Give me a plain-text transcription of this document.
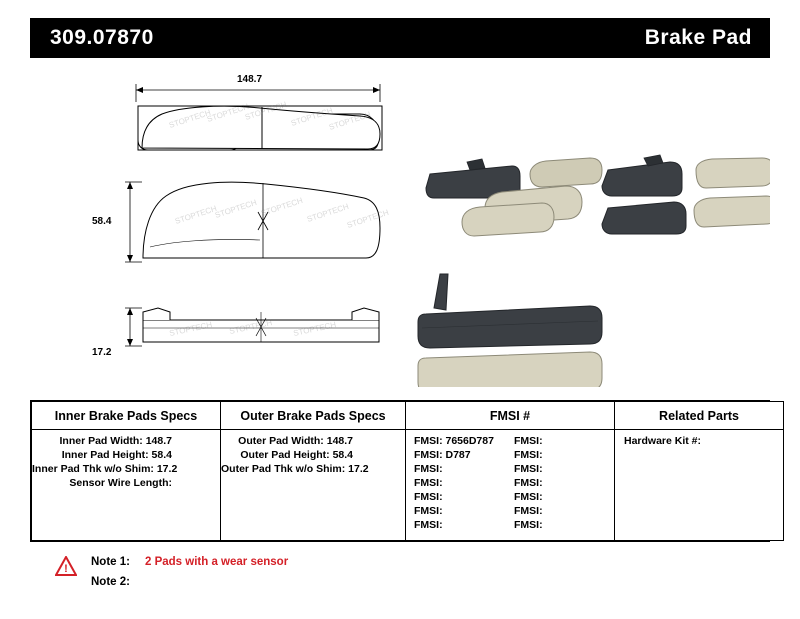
309.07870	Brake Pad
STOPTECH
STOPTECH
STOPTECH STOPTECH
STOPTECH
STOPTECH
STOPTECH STOPTECH STOPTECH
STOPTECH
STOPTECH STOPTECH STOPTECH
148.7
58.4
17.2
Inner Brake Pads Specs	Outer Brake Pads Specs	FMSI #	Related Parts

Inner Pad Width: 148.7
Inner Pad Height: 58.4
Inner Pad Thk w/o Shim: 17.2
Sensor Wire Length:

Outer Pad Width: 148.7
Outer Pad Height: 58.4
Outer Pad Thk w/o Shim: 17.2

FMSI: 7656D787	FMSI:
FMSI: D787	FMSI:
FMSI:	FMSI:
FMSI:	FMSI:
FMSI:	FMSI:
FMSI:	FMSI:
FMSI:	FMSI:

Hardware Kit #:
!
Note 1:	2 Pads with a wear sensor
Note 2:
